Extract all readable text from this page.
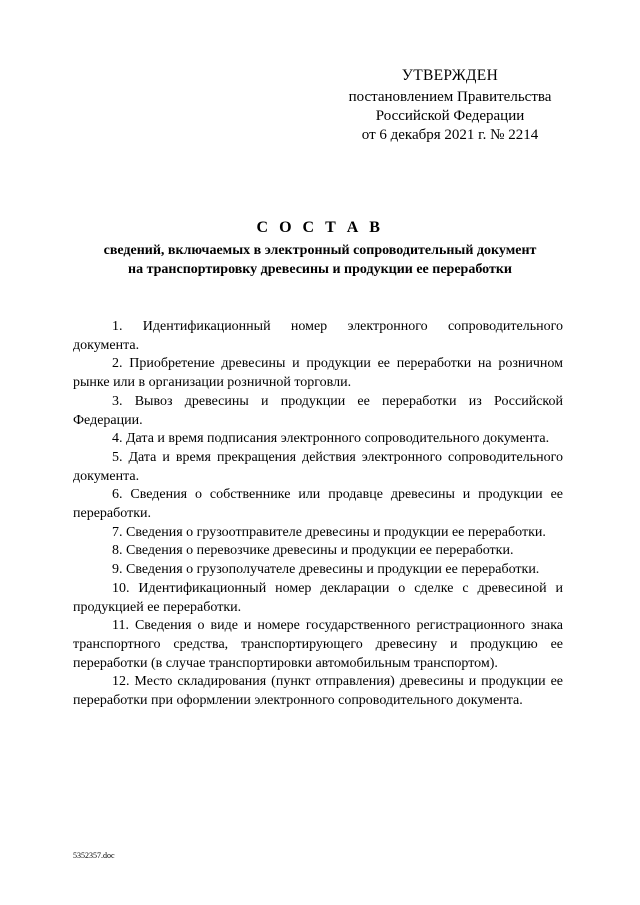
УТВЕРЖДЕН
постановлением Правительства
Российской Федерации
от 6 декабря 2021 г. № 2214
С О С Т А В
сведений, включаемых в электронный сопроводительный документ
на транспортировку древесины и продукции ее переработки

1. Идентификационный номер электронного сопроводительного документа.

2. Приобретение древесины и продукции ее переработки на розничном рынке или в организации розничной торговли.

3. Вывоз древесины и продукции ее переработки из Российской Федерации.

4. Дата и время подписания электронного сопроводительного документа.

5. Дата и время прекращения действия электронного сопроводительного документа.

6. Сведения о собственнике или продавце древесины и продукции ее переработки.

7. Сведения о грузоотправителе древесины и продукции ее переработки.

8. Сведения о перевозчике древесины и продукции ее переработки.

9. Сведения о грузополучателе древесины и продукции ее переработки.

10. Идентификационный номер декларации о сделке с древесиной и продукцией ее переработки.

11. Сведения о виде и номере государственного регистрационного знака транспортного средства, транспортирующего древесину и продукцию ее переработки (в случае транспортировки автомобильным транспортом).

12. Место складирования (пункт отправления) древесины и продукции ее переработки при оформлении электронного сопроводительного документа.

5352357.doc
